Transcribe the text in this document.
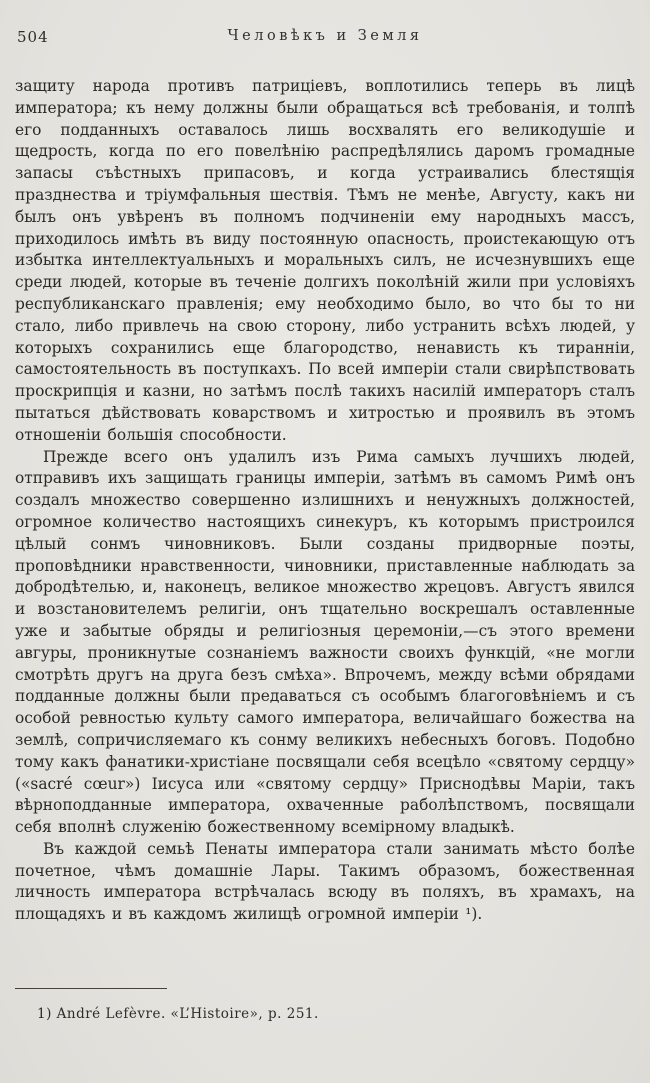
504	Человѣкъ и Земля

защиту народа противъ патриціевъ, воплотились теперь въ лицѣ императора; къ нему должны были обращаться всѣ требованія, и толпѣ его подданныхъ оставалось лишь восхвалять его великодушіе и щедрость, когда по его повелѣнію распредѣлялись даромъ громадные запасы съѣстныхъ припасовъ, и когда устраивались блестящія празднества и тріумфальныя шествія. Тѣмъ не менѣе, Августу, какъ ни былъ онъ увѣренъ въ полномъ подчиненіи ему народныхъ массъ, приходилось имѣть въ виду постоянную опасность, проистекающую отъ избытка интеллектуальныхъ и моральныхъ силъ, не исчезнувшихъ еще среди людей, которые въ теченіе долгихъ поколѣній жили при условіяхъ республиканскаго правленія; ему необходимо было, во что бы то ни стало, либо привлечь на свою сторону, либо устранить всѣхъ людей, у которыхъ сохранились еще благородство, ненависть къ тиранніи, самостоятельность въ поступкахъ. По всей имперіи стали свирѣпствовать проскрипція и казни, но затѣмъ послѣ такихъ насилій императоръ сталъ пытаться дѣйствовать коварствомъ и хитростью и проявилъ въ этомъ отношеніи большія способности.

Прежде всего онъ удалилъ изъ Рима самыхъ лучшихъ людей, отправивъ ихъ защищать границы имперіи, затѣмъ въ самомъ Римѣ онъ создалъ множество совершенно излишнихъ и ненужныхъ должностей, огромное количество настоящихъ синекуръ, къ которымъ пристроился цѣлый сонмъ чиновниковъ. Были созданы придворные поэты, проповѣдники нравственности, чиновники, приставленные наблюдать за добродѣтелью, и, наконецъ, великое множество жрецовъ. Августъ явился и возстановителемъ религіи, онъ тщательно воскрешалъ оставленные уже и забытые обряды и религіозныя церемоніи,—съ этого времени авгуры, проникнутые сознаніемъ важности своихъ функцій, «не могли смотрѣть другъ на друга безъ смѣха». Впрочемъ, между всѣми обрядами подданные должны были предаваться съ особымъ благоговѣніемъ и съ особой ревностью культу самого императора, величайшаго божества на землѣ, сопричисляемаго къ сонму великихъ небесныхъ боговъ. Подобно тому какъ фанатики-христіане посвящали себя всецѣло «святому сердцу» («sacré cœur») Іисуса или «святому сердцу» Приснодѣвы Маріи, такъ вѣрноподданные императора, охваченные раболѣпствомъ, посвящали себя вполнѣ служенію божественному всемірному владыкѣ.

Въ каждой семьѣ Пенаты императора стали занимать мѣсто болѣе почетное, чѣмъ домашніе Лары. Такимъ образомъ, божественная личность императора встрѣчалась всюду въ поляхъ, въ храмахъ, на площадяхъ и въ каждомъ жилищѣ огромной имперіи ¹).

1) André Lefèvre. «L’Histoire», p. 251.
